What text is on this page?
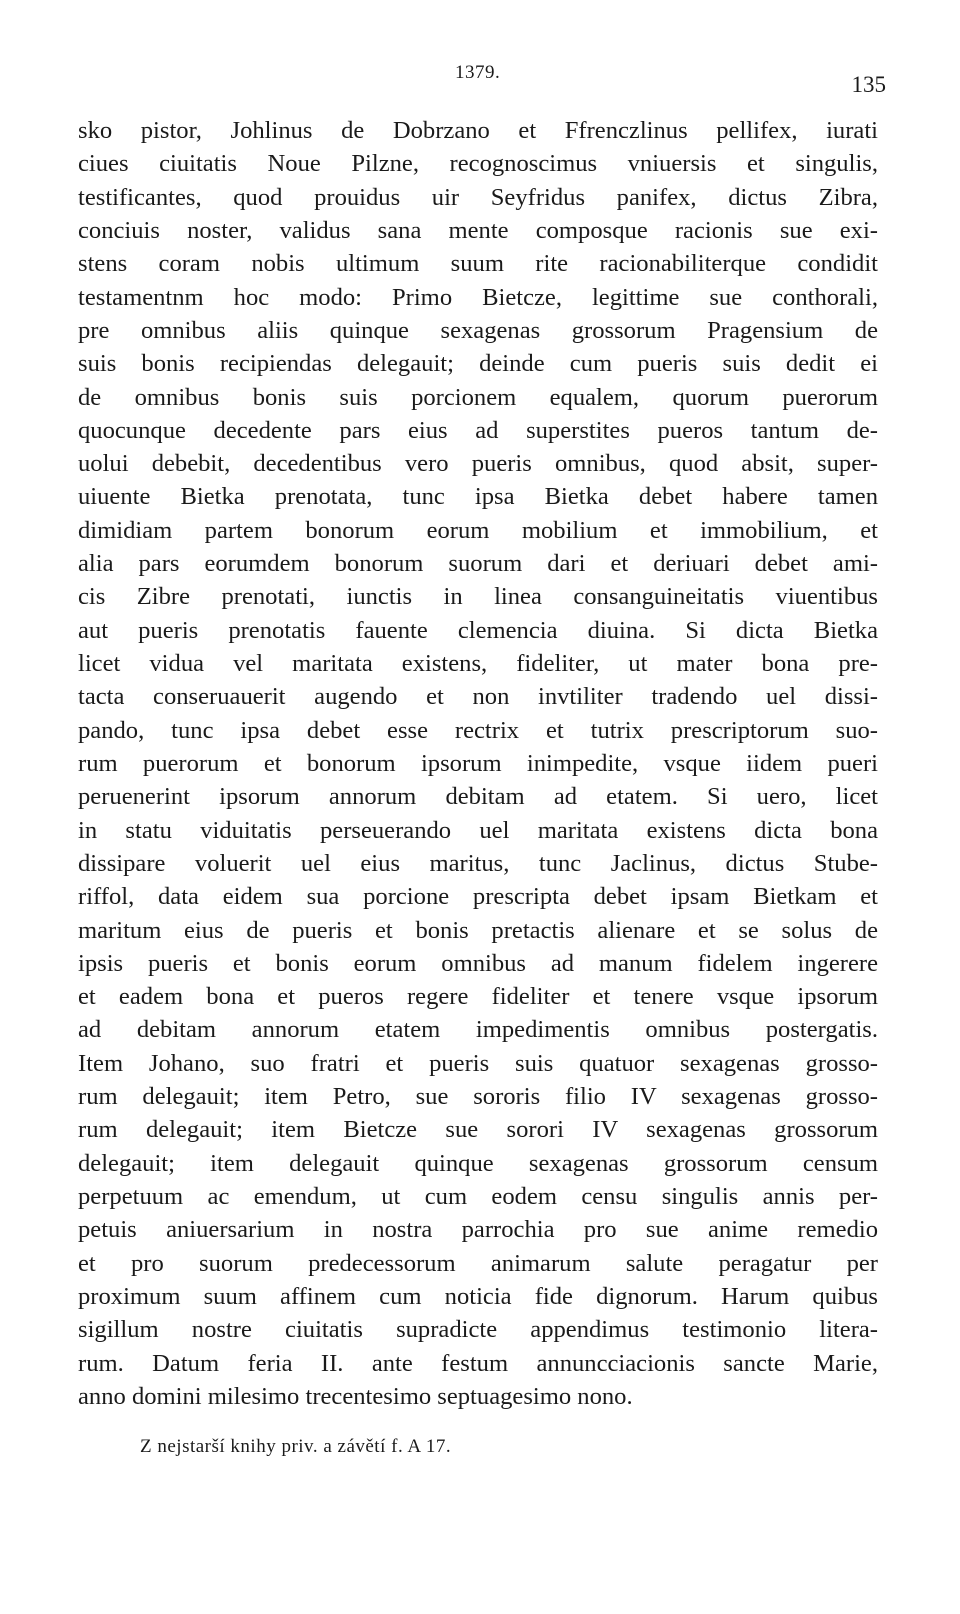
1379.	135
sko pistor, Johlinus de Dobrzano et Ffrenczlinus pellifex, iurati
ciues ciuitatis Noue Pilzne, recognoscimus vniuersis et singulis,
testificantes, quod prouidus uir Seyfridus panifex, dictus Zibra,
conciuis noster, validus sana mente composque racionis sue exi-
stens coram nobis ultimum suum rite racionabiliterque condidit
testamentnm hoc modo: Primo Bietcze, legittime sue conthorali,
pre omnibus aliis quinque sexagenas grossorum Pragensium de
suis bonis recipiendas delegauit; deinde cum pueris suis dedit ei
de omnibus bonis suis porcionem equalem, quorum puerorum
quocunque decedente pars eius ad superstites pueros tantum de-
uolui debebit, decedentibus vero pueris omnibus, quod absit, super-
uiuente Bietka prenotata, tunc ipsa Bietka debet habere tamen
dimidiam partem bonorum eorum mobilium et immobilium, et
alia pars eorumdem bonorum suorum dari et deriuari debet ami-
cis Zibre prenotati, iunctis in linea consanguineitatis viuentibus
aut pueris prenotatis fauente clemencia diuina. Si dicta Bietka
licet vidua vel maritata existens, fideliter, ut mater bona pre-
tacta conseruauerit augendo et non invtiliter tradendo uel dissi-
pando, tunc ipsa debet esse rectrix et tutrix prescriptorum suo-
rum puerorum et bonorum ipsorum inimpedite, vsque iidem pueri
peruenerint ipsorum annorum debitam ad etatem. Si uero, licet
in statu viduitatis perseuerando uel maritata existens dicta bona
dissipare voluerit uel eius maritus, tunc Jaclinus, dictus Stube-
riffol, data eidem sua porcione prescripta debet ipsam Bietkam et
maritum eius de pueris et bonis pretactis alienare et se solus de
ipsis pueris et bonis eorum omnibus ad manum fidelem ingerere
et eadem bona et pueros regere fideliter et tenere vsque ipsorum
ad debitam annorum etatem impedimentis omnibus postergatis.
Item Johano, suo fratri et pueris suis quatuor sexagenas grosso-
rum delegauit; item Petro, sue sororis filio IV sexagenas grosso-
rum delegauit; item Bietcze sue sorori IV sexagenas grossorum
delegauit; item delegauit quinque sexagenas grossorum censum
perpetuum ac emendum, ut cum eodem censu singulis annis per-
petuis aniuersarium in nostra parrochia pro sue anime remedio
et pro suorum predecessorum animarum salute peragatur per
proximum suum affinem cum noticia fide dignorum. Harum quibus
sigillum nostre ciuitatis supradicte appendimus testimonio litera-
rum. Datum feria II. ante festum annuncciacionis sancte Marie,
anno domini milesimo trecentesimo septuagesimo nono.
Z nejstarší knihy priv. a závětí f. A 17.
